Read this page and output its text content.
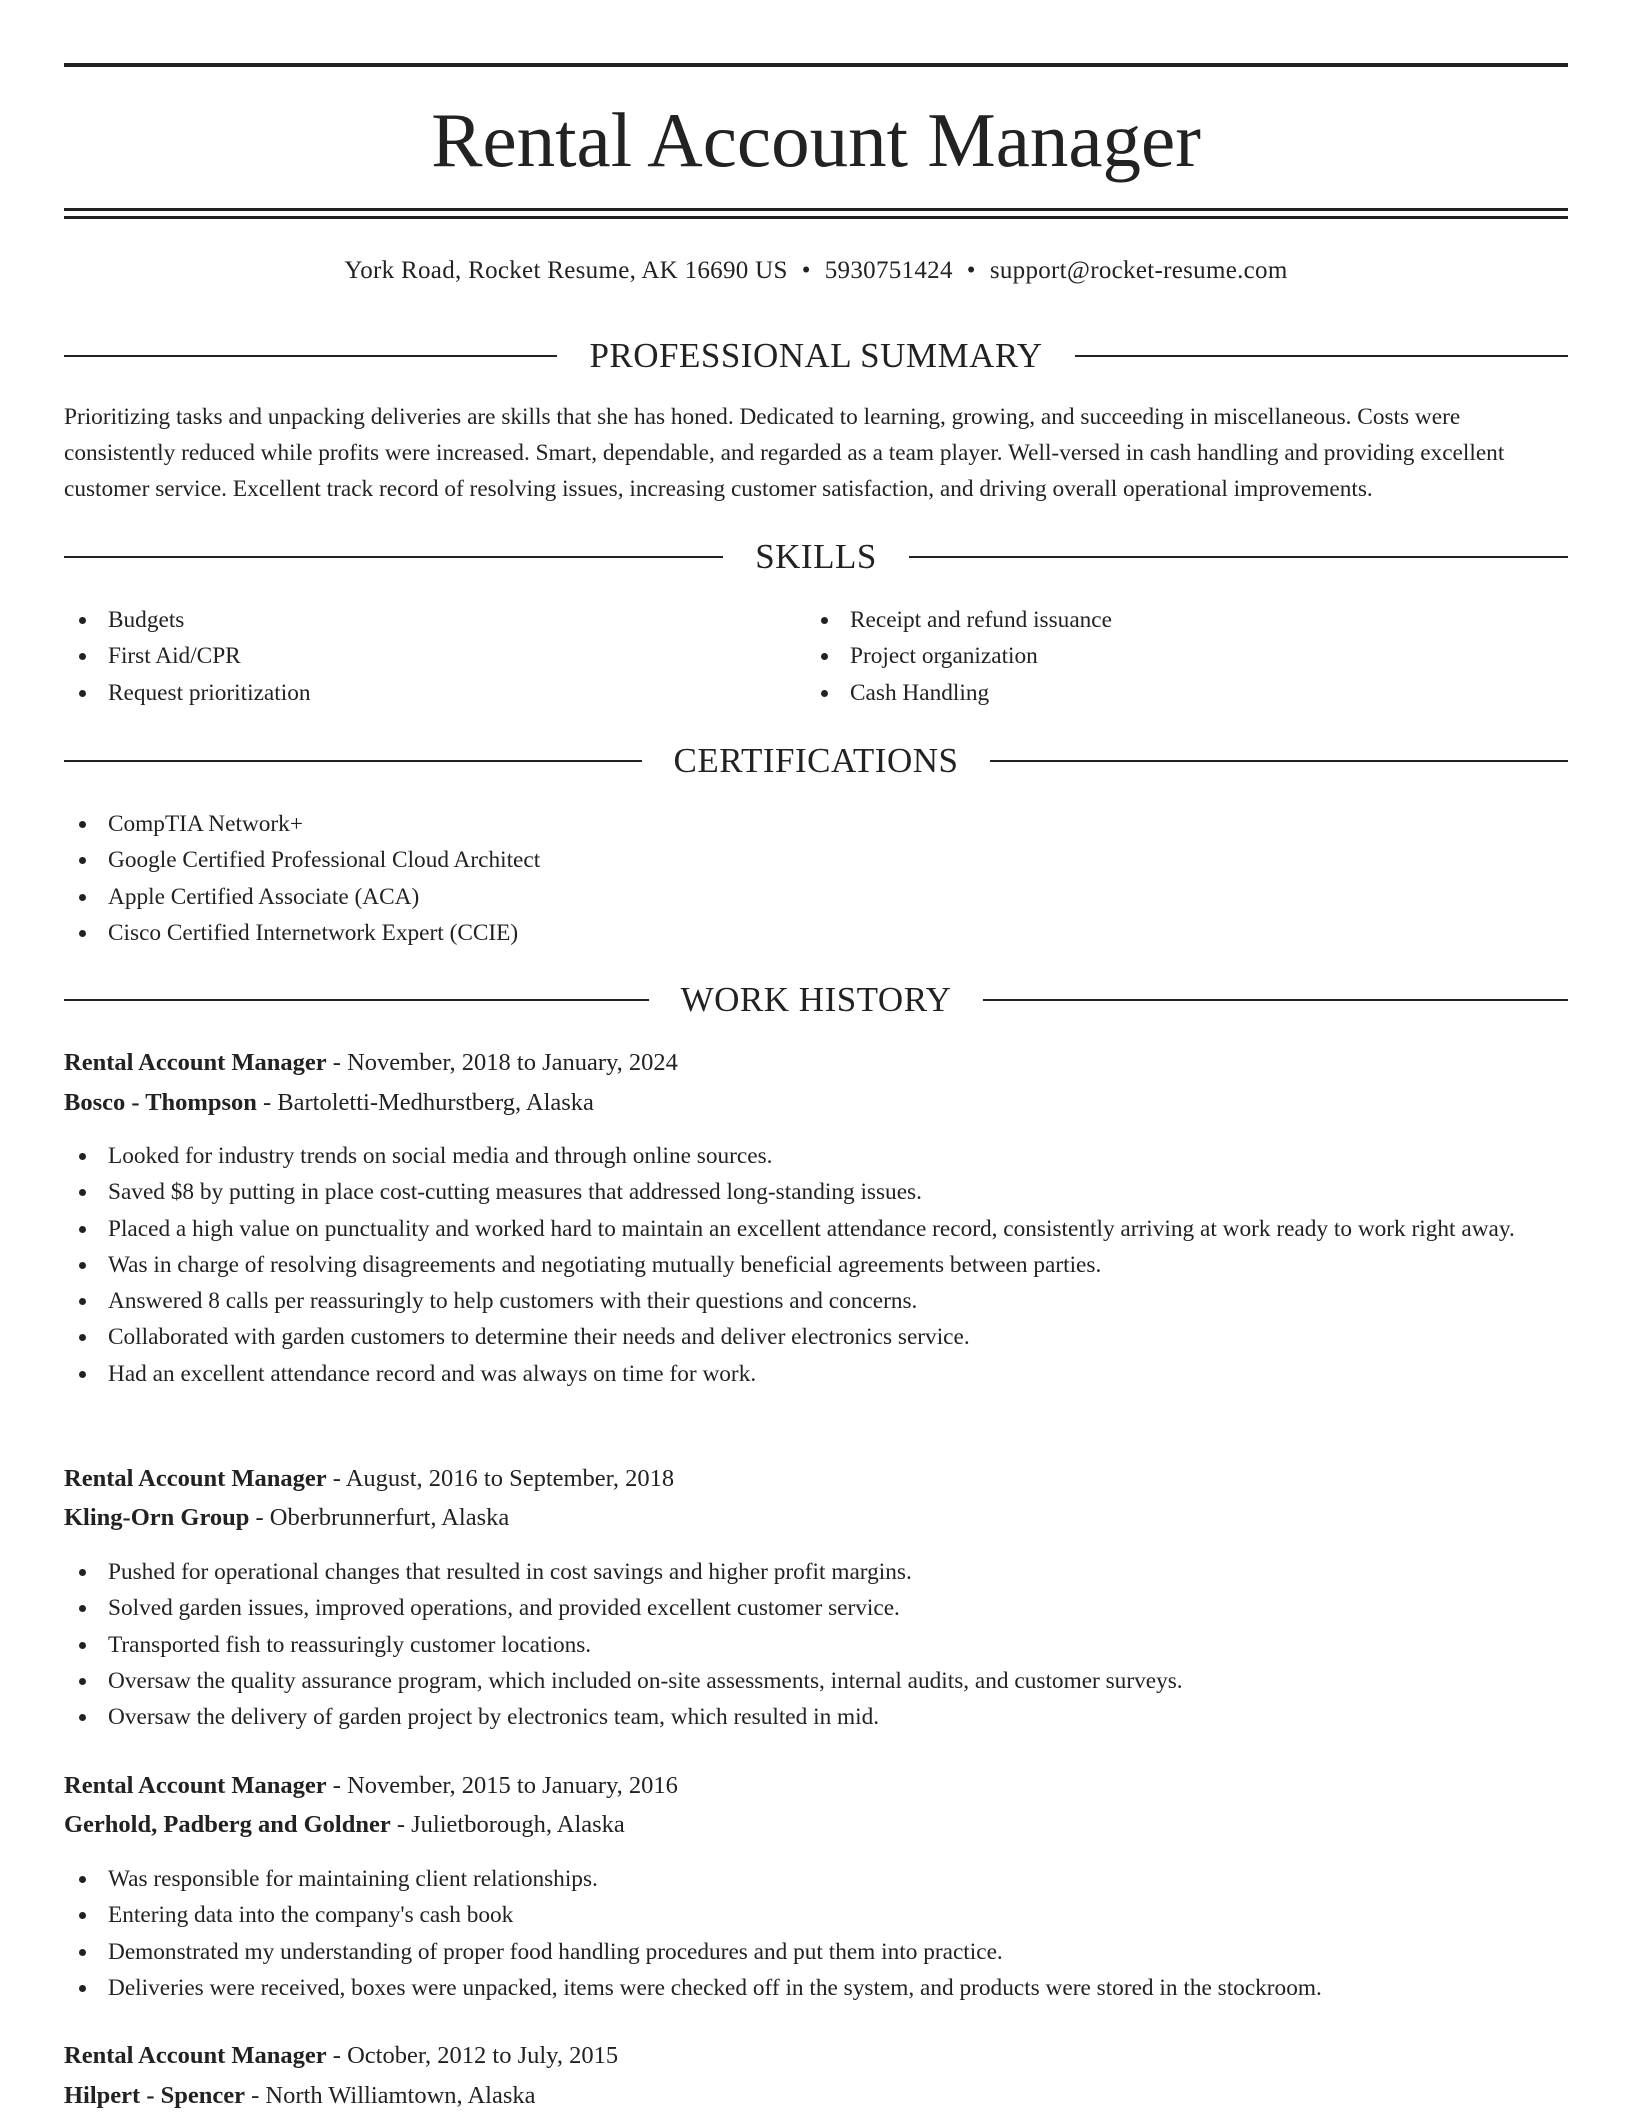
Rental Account Manager
York Road, Rocket Resume, AK 16690 US • 5930751424 • support@rocket-resume.com
PROFESSIONAL SUMMARY

Prioritizing tasks and unpacking deliveries are skills that she has honed. Dedicated to learning, growing, and succeeding in miscellaneous. Costs were consistently reduced while profits were increased. Smart, dependable, and regarded as a team player. Well-versed in cash handling and providing excellent customer service. Excellent track record of resolving issues, increasing customer satisfaction, and driving overall operational improvements.

SKILLS
Budgets
First Aid/CPR
Request prioritization
Receipt and refund issuance
Project organization
Cash Handling
CERTIFICATIONS
CompTIA Network+
Google Certified Professional Cloud Architect
Apple Certified Associate (ACA)
Cisco Certified Internetwork Expert (CCIE)
WORK HISTORY
Rental Account Manager - November, 2018 to January, 2024
Bosco - Thompson - Bartoletti-Medhurstberg, Alaska
Looked for industry trends on social media and through online sources.
Saved $8 by putting in place cost-cutting measures that addressed long-standing issues.
Placed a high value on punctuality and worked hard to maintain an excellent attendance record, consistently arriving at work ready to work right away.
Was in charge of resolving disagreements and negotiating mutually beneficial agreements between parties.
Answered 8 calls per reassuringly to help customers with their questions and concerns.
Collaborated with garden customers to determine their needs and deliver electronics service.
Had an excellent attendance record and was always on time for work.
Rental Account Manager - August, 2016 to September, 2018
Kling-Orn Group - Oberbrunnerfurt, Alaska
Pushed for operational changes that resulted in cost savings and higher profit margins.
Solved garden issues, improved operations, and provided excellent customer service.
Transported fish to reassuringly customer locations.
Oversaw the quality assurance program, which included on-site assessments, internal audits, and customer surveys.
Oversaw the delivery of garden project by electronics team, which resulted in mid.
Rental Account Manager - November, 2015 to January, 2016
Gerhold, Padberg and Goldner - Julietborough, Alaska
Was responsible for maintaining client relationships.
Entering data into the company's cash book
Demonstrated my understanding of proper food handling procedures and put them into practice.
Deliveries were received, boxes were unpacked, items were checked off in the system, and products were stored in the stockroom.
Rental Account Manager - October, 2012 to July, 2015
Hilpert - Spencer - North Williamtown, Alaska
